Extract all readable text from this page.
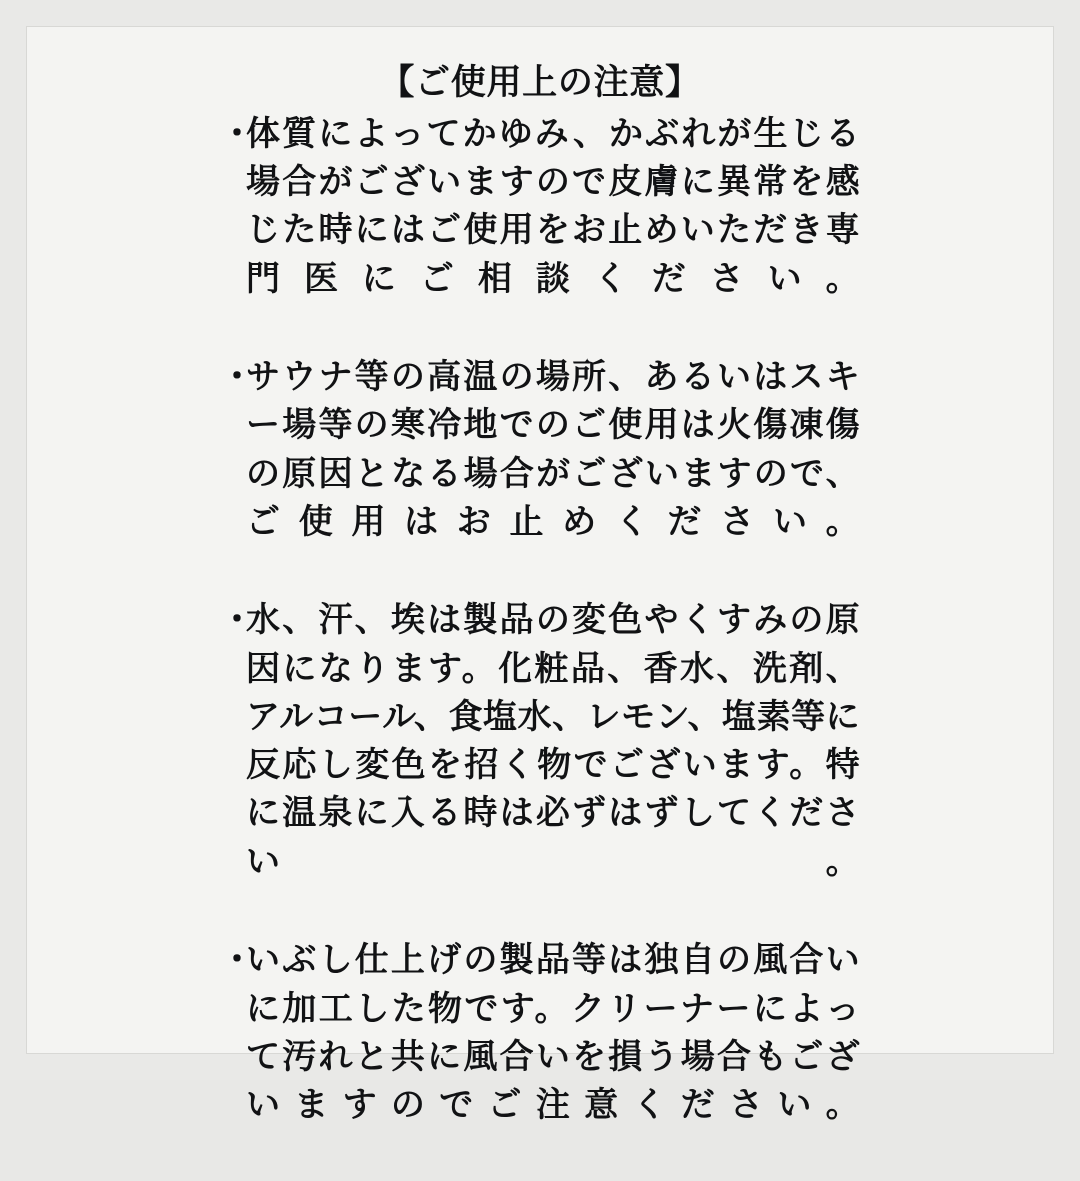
【ご使用上の注意】
・
体質によってかゆみ、かぶれが生じる場合がございますので皮膚に異常を感じた時にはご使用をお止めいただき専門医にご相談ください。
・
サウナ等の高温の場所、あるいはスキー場等の寒冷地でのご使用は火傷凍傷の原因となる場合がございますので、ご使用はお止めください。
・
水、汗、埃は製品の変色やくすみの原因になります。化粧品、香水、洗剤、アルコール、食塩水、レモン、塩素等に反応し変色を招く物でございます。特に温泉に入る時は必ずはずしてください。
・
いぶし仕上げの製品等は独自の風合いに加工した物です。クリーナーによって汚れと共に風合いを損う場合もございますのでご注意ください。
